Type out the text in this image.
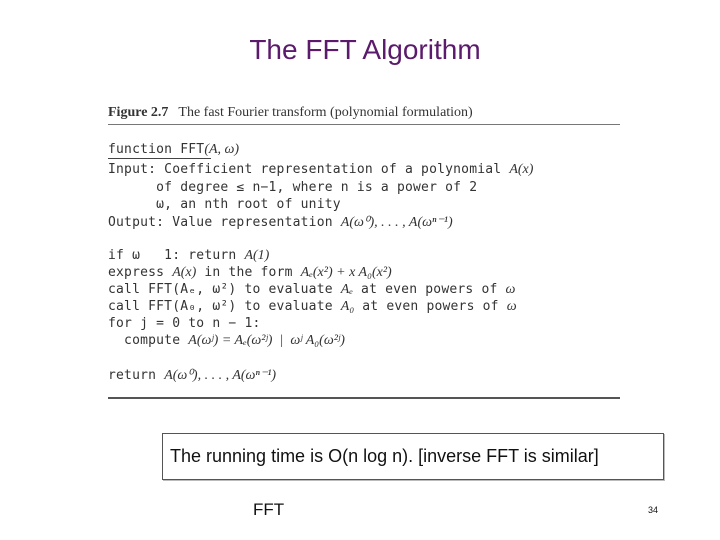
The FFT Algorithm
Figure 2.7 The fast Fourier transform (polynomial formulation)
function FFT(A, ω)
Input: Coefficient representation of a polynomial A(x)
of degree ≤ n−1, where n is a power of 2
ω, an nth root of unity
Output: Value representation A(ω⁰), . . . , A(ωⁿ⁻¹)
if ω   1: return A(1)
express A(x) in the form Aₑ(x²) + x A₀(x²)
call FFT(Aₑ, ω²) to evaluate Aₑ at even powers of ω
call FFT(A₀, ω²) to evaluate A₀ at even powers of ω
for j = 0 to n − 1:
compute A(ωʲ) = Aₑ(ω²ʲ)  |  ωʲ A₀(ω²ʲ)
return A(ω⁰), . . . , A(ωⁿ⁻¹)
The running time is O(n log n). [inverse FFT is similar]
FFT	34
